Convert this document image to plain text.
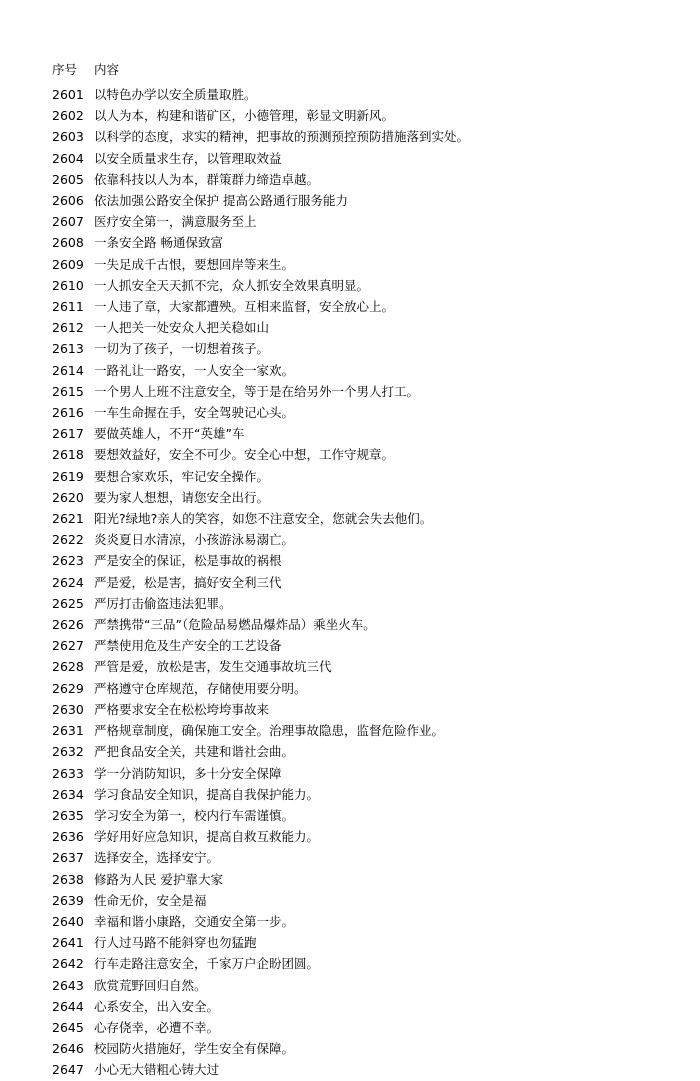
序号	内容
2601 以特色办学以安全质量取胜。
2602 以人为本，构建和谐矿区，小德管理，彰显文明新风。
2603 以科学的态度，求实的精神，把事故的预测预控预防措施落到实处。
2604 以安全质量求生存，以管理取效益
2605 依靠科技以人为本，群策群力缔造卓越。
2606 依法加强公路安全保护 提高公路通行服务能力
2607 医疗安全第一，满意服务至上
2608 一条安全路 畅通保致富
2609 一失足成千古恨，要想回岸等来生。
2610 一人抓安全天天抓不完，众人抓安全效果真明显。
2611 一人违了章，大家都遭殃。互相来监督，安全放心上。
2612 一人把关一处安众人把关稳如山
2613 一切为了孩子，一切想着孩子。
2614 一路礼让一路安，一人安全一家欢。
2615 一个男人上班不注意安全，等于是在给另外一个男人打工。
2616 一车生命握在手，安全驾驶记心头。
2617 要做英雄人，不开“英雄”车
2618 要想效益好，安全不可少。安全心中想，工作守规章。
2619 要想合家欢乐，牢记安全操作。
2620 要为家人想想，请您安全出行。
2621 阳光?绿地?亲人的笑容，如您不注意安全，您就会失去他们。
2622 炎炎夏日水清凉，小孩游泳易溺亡。
2623 严是安全的保证，松是事故的祸根
2624 严是爱，松是害，搞好安全利三代
2625 严厉打击偷盗违法犯罪。
2626 严禁携带“三品”（危险品易燃品爆炸品）乘坐火车。
2627 严禁使用危及生产安全的工艺设备
2628 严管是爱，放松是害，发生交通事故坑三代
2629 严格遵守仓库规范，存储使用要分明。
2630 严格要求安全在松松垮垮事故来
2631 严格规章制度，确保施工安全。治理事故隐患，监督危险作业。
2632 严把食品安全关，共建和谐社会曲。
2633 学一分消防知识，多十分安全保障
2634 学习食品安全知识，提高自我保护能力。
2635 学习安全为第一，校内行车需谨慎。
2636 学好用好应急知识，提高自救互救能力。
2637 选择安全，选择安宁。
2638 修路为人民 爱护靠大家
2639 性命无价，安全是福
2640 幸福和谐小康路，交通安全第一步。
2641 行人过马路不能斜穿也勿猛跑
2642 行车走路注意安全，千家万户企盼团圆。
2643 欣赏荒野回归自然。
2644 心系安全，出入安全。
2645 心存侥幸，必遭不幸。
2646 校园防火措施好，学生安全有保障。
2647 小心无大错粗心铸大过
